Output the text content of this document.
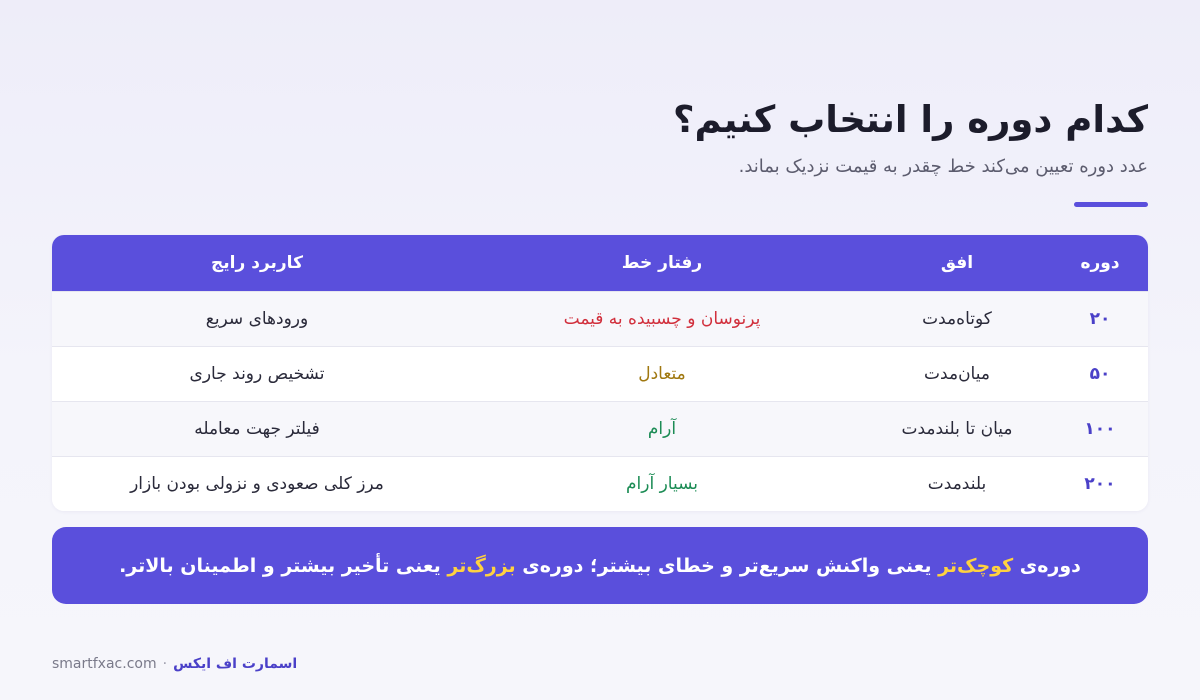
کدام دوره را انتخاب کنیم؟

عدد دوره تعیین می‌کند خط چقدر به قیمت نزدیک بماند.

دوره	افق	رفتار خط	کاربرد رایج
۲۰	کوتاه‌مدت	پرنوسان و چسبیده به قیمت	ورودهای سریع
۵۰	میان‌مدت	متعادل	تشخیص روند جاری
۱۰۰	میان تا بلندمدت	آرام	فیلتر جهت معامله
۲۰۰	بلندمدت	بسیار آرام	مرز کلی صعودی و نزولی بودن بازار
دوره‌ی کوچک‌تر یعنی واکنش سریع‌تر و خطای بیشتر؛ دوره‌ی بزرگ‌تر یعنی تأخیر بیشتر و اطمینان بالاتر.
smartfxac.com · اسمارت اف ایکس
